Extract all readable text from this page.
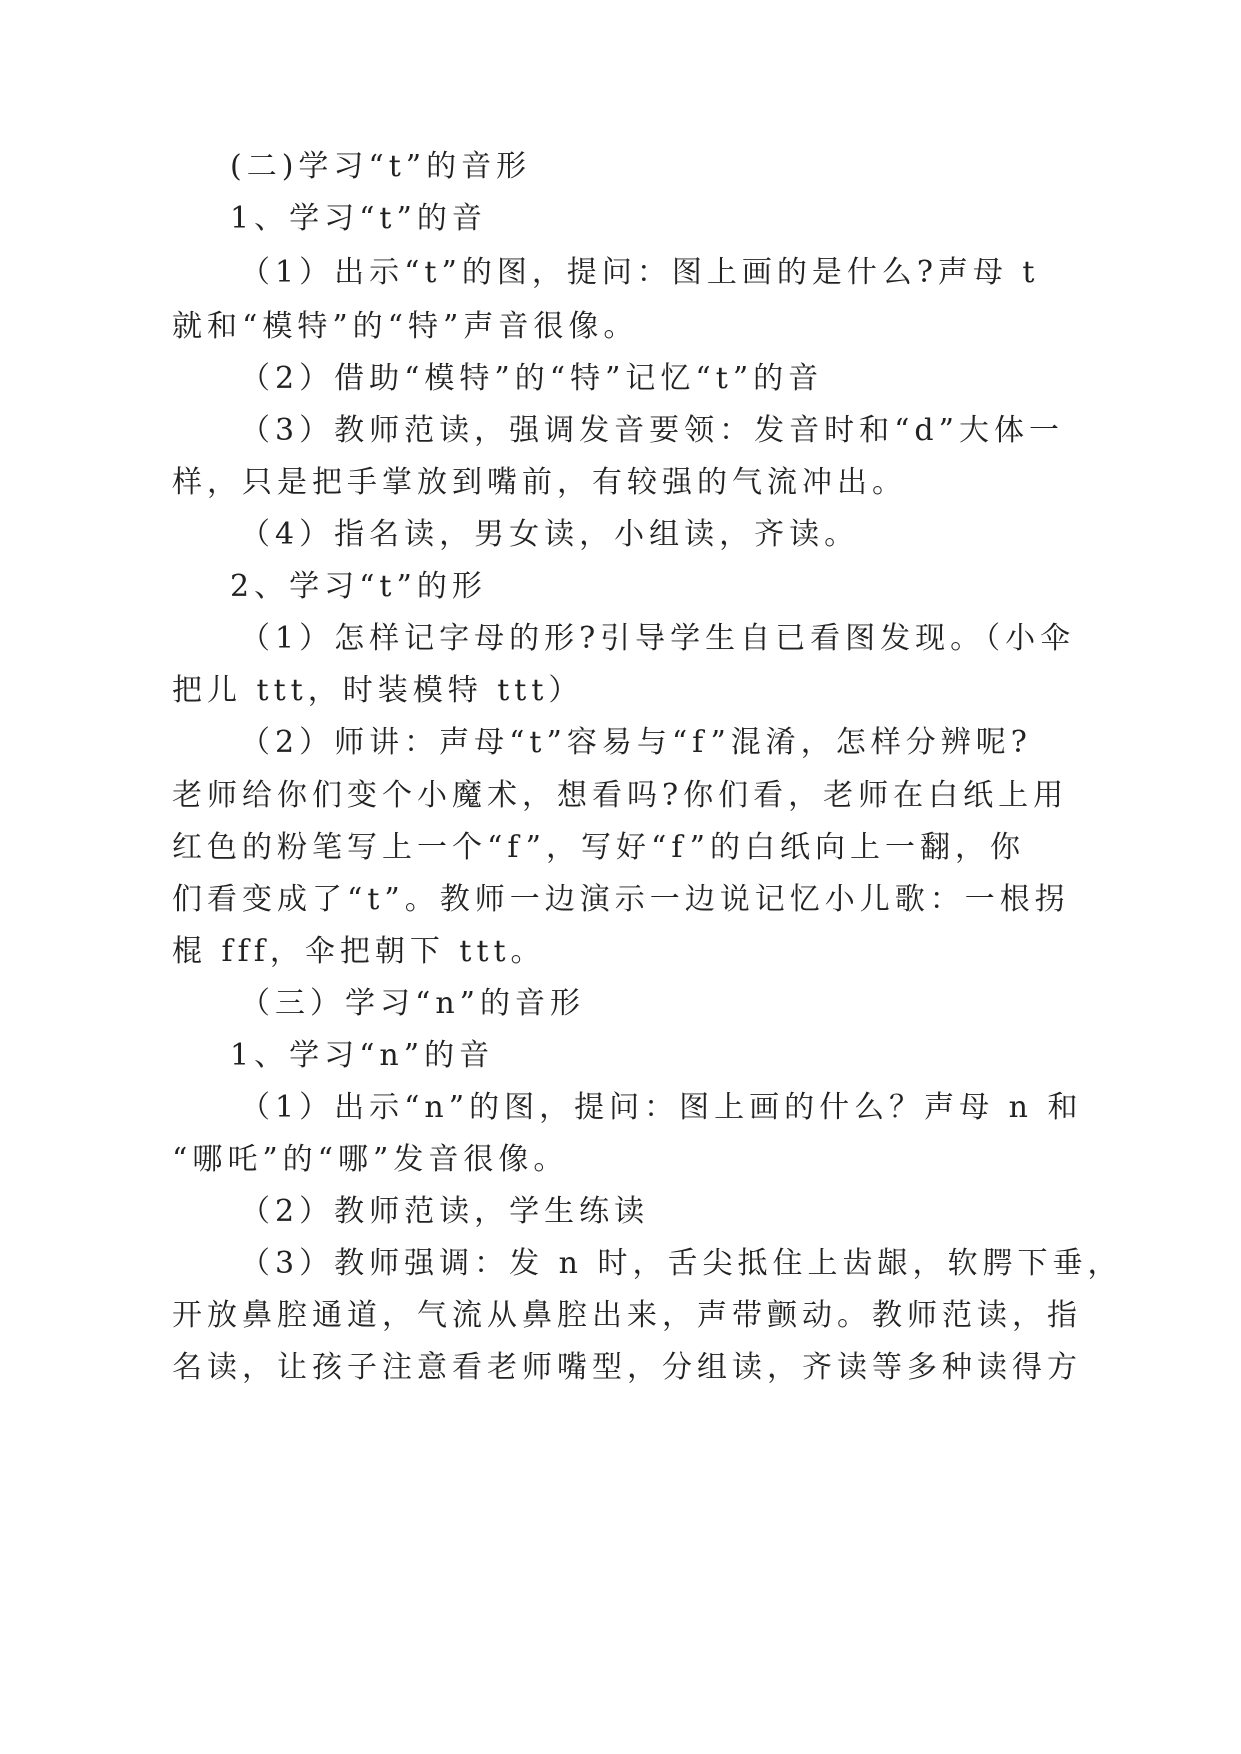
(二)学习“t”的音形
1、学习“t”的音
（1）出示“t”的图，提问：图上画的是什么?声母 t
就和“模特”的“特”声音很像。
（2）借助“模特”的“特”记忆“t”的音
（3）教师范读，强调发音要领：发音时和“d”大体一
样，只是把手掌放到嘴前，有较强的气流冲出。
（4）指名读，男女读，小组读，齐读。
2、学习“t”的形
（1）怎样记字母的形?引导学生自已看图发现。（小伞
把儿 ttt，时装模特 ttt）
（2）师讲：声母“t”容易与“f”混淆，怎样分辨呢?
老师给你们变个小魔术，想看吗?你们看，老师在白纸上用
红色的粉笔写上一个“f”，写好“f”的白纸向上一翻，你
们看变成了“t”。教师一边演示一边说记忆小儿歌：一根拐
棍 fff，伞把朝下 ttt。
（三）学习“n”的音形
1、学习“n”的音
（1）出示“n”的图，提问：图上画的什么？声母 n 和
“哪吒”的“哪”发音很像。
（2）教师范读，学生练读
（3）教师强调：发 n 时，舌尖抵住上齿龈，软腭下垂，
开放鼻腔通道，气流从鼻腔出来，声带颤动。教师范读，指
名读，让孩子注意看老师嘴型，分组读，齐读等多种读得方
